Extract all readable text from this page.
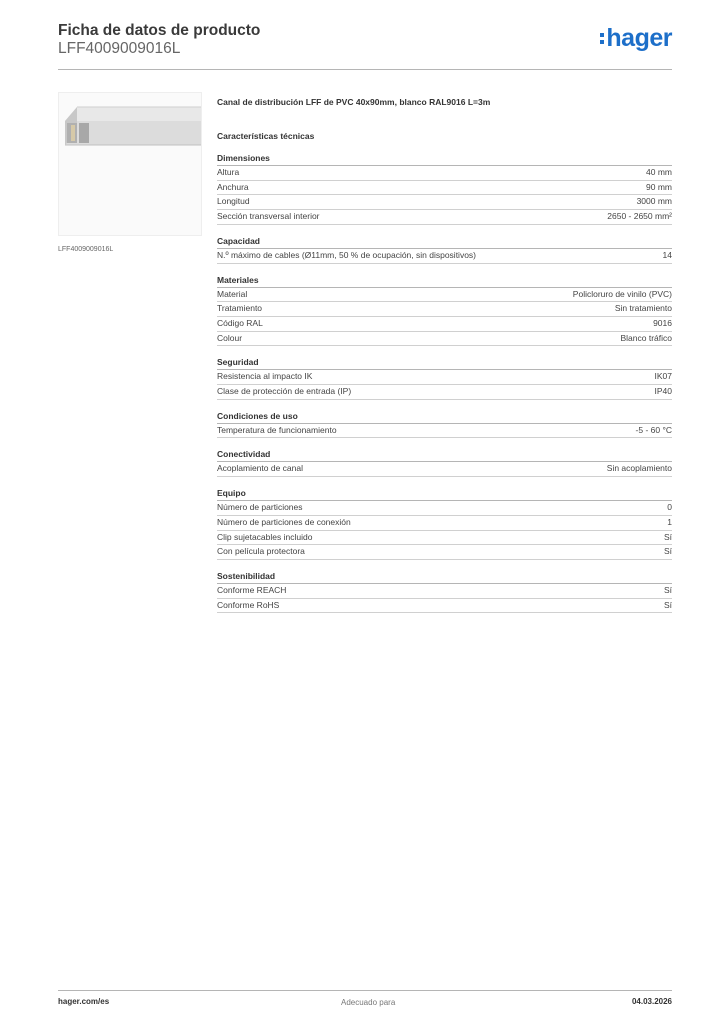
Ficha de datos de producto
LFF4009009016L	hager
LFF4009009016L
Canal de distribución LFF de PVC 40x90mm, blanco RAL9016 L=3m
Características técnicas
Dimensiones
Altura	40 mm
Anchura	90 mm
Longitud	3000 mm
Sección transversal interior	2650 - 2650 mm²
Capacidad
N.º máximo de cables (Ø11mm, 50 % de ocupación, sin dispositivos)	14
Materiales
Material	Policloruro de vinilo (PVC)
Tratamiento	Sin tratamiento
Código RAL	9016
Colour	Blanco tráfico
Seguridad
Resistencia al impacto IK	IK07
Clase de protección de entrada (IP)	IP40
Condiciones de uso
Temperatura de funcionamiento	-5 - 60 °C
Conectividad
Acoplamiento de canal	Sin acoplamiento
Equipo
Número de particiones	0
Número de particiones de conexión	1
Clip sujetacables incluido	Sí
Con película protectora	Sí
Sostenibilidad
Conforme REACH	Sí
Conforme RoHS	Sí
hager.com/es	Adecuado para	04.03.2026
